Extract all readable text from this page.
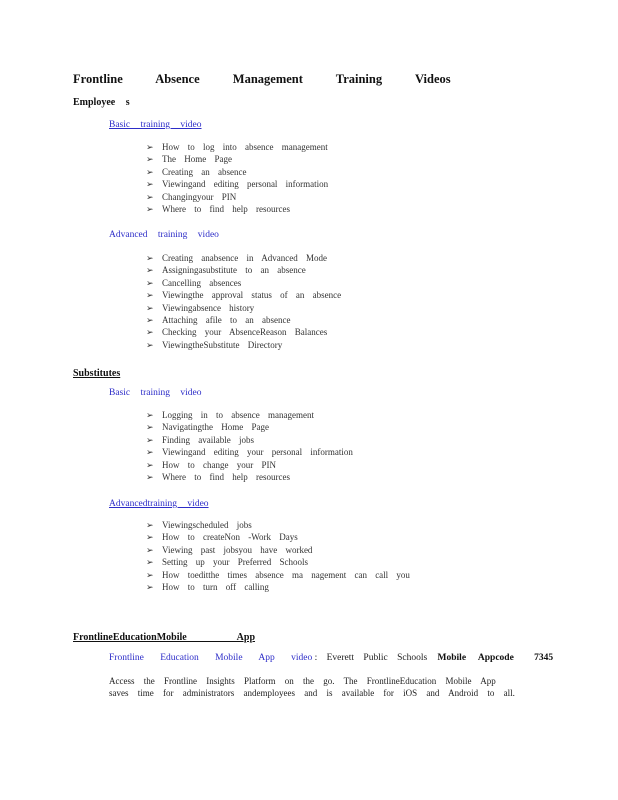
Frontline Absence Management Training Videos
Employee s
Basic training video
➢ How to log into absence management
➢ The Home Page
➢ Creating an absence
➢ Viewingand editing personal information
➢ Changingyour PIN
➢ Where to find help resources
Advanced training video
➢ Creating anabsence in Advanced Mode
➢ Assigningasubstitute to an absence
➢ Cancelling absences
➢ Viewingthe approval status of an absence
➢ Viewingabsence history
➢ Attaching afile to an absence
➢ Checking your AbsenceReason Balances
➢ ViewingtheSubstitute Directory
Substitutes
Basic training video
➢ Logging in to absence management
➢ Navigatingthe Home Page
➢ Finding available jobs
➢ Viewingand editing your personal information
➢ How to change your PIN
➢ Where to find help resources
Advancedtraining video
➢ Viewingscheduled jobs
➢ How to createNon -Work Days
➢ Viewing past jobsyou have worked
➢ Setting up your Preferred Schools
➢ How toeditthe times absence ma nagement can call you
➢ How to turn off calling
FrontlineEducationMobile App
Frontline Education Mobile App video : Everett Public Schools Mobile Appcode 7345
Access the Frontline Insights Platform on the go. The FrontlineEducation Mobile App
saves time for administrators andemployees and is available for iOS and Android to all.
